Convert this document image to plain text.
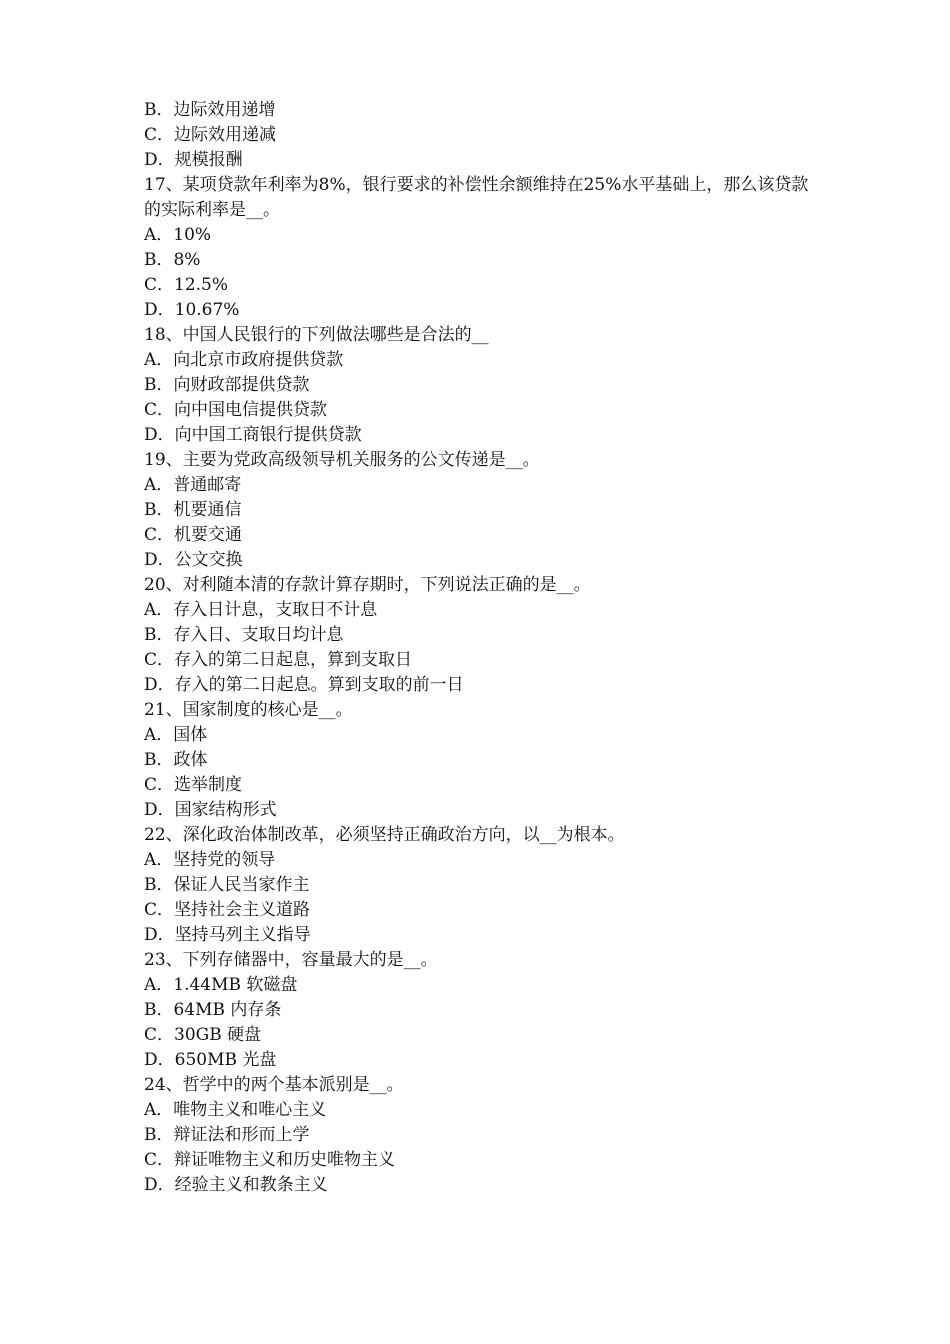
B．边际效用递增

C．边际效用递减

D．规模报酬

17、某项贷款年利率为8%，银行要求的补偿性余额维持在25%水平基础上，那么该贷款的实际利率是__。

A．10%

B．8%

C．12.5%

D．10.67%

18、中国人民银行的下列做法哪些是合法的__

A．向北京市政府提供贷款

B．向财政部提供贷款

C．向中国电信提供贷款

D．向中国工商银行提供贷款

19、主要为党政高级领导机关服务的公文传递是__。

A．普通邮寄

B．机要通信

C．机要交通

D．公文交换

20、对利随本清的存款计算存期时，下列说法正确的是__。

A．存入日计息，支取日不计息

B．存入日、支取日均计息

C．存入的第二日起息，算到支取日

D．存入的第二日起息。算到支取的前一日

21、国家制度的核心是__。

A．国体

B．政体

C．选举制度

D．国家结构形式

22、深化政治体制改革，必须坚持正确政治方向，以__为根本。

A．坚持党的领导

B．保证人民当家作主

C．坚持社会主义道路

D．坚持马列主义指导

23、下列存储器中，容量最大的是__。

A．1.44MB 软磁盘

B．64MB 内存条

C．30GB 硬盘

D．650MB 光盘

24、哲学中的两个基本派别是__。

A．唯物主义和唯心主义

B．辩证法和形而上学

C．辩证唯物主义和历史唯物主义

D．经验主义和教条主义
